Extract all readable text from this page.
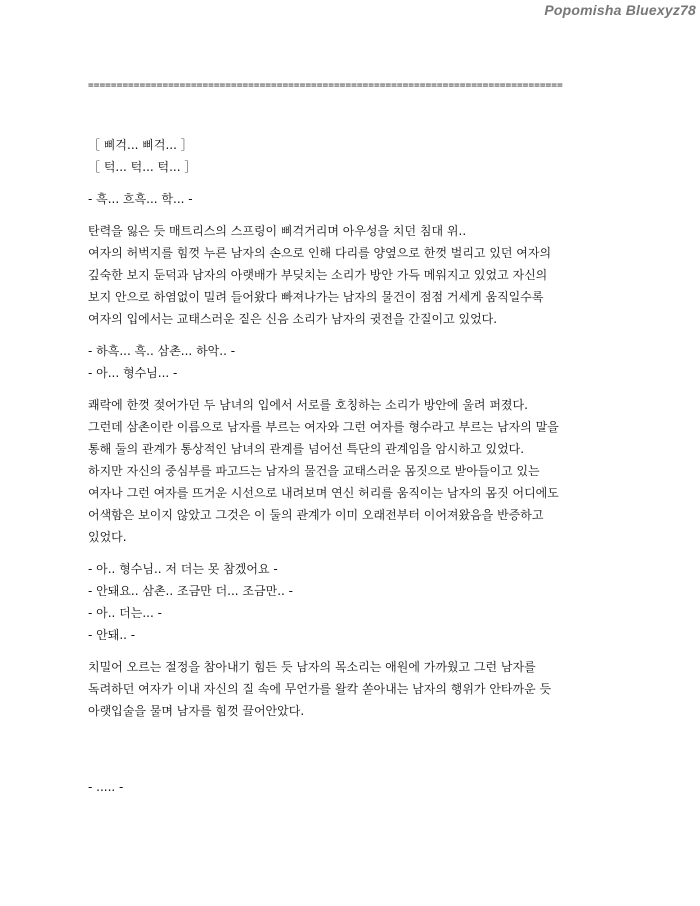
Popomisha Bluexyz78
===================================================================================
［ 삐걱... 삐걱... ］
［ 턱... 턱... 턱... ］
- 흑... 흐흑... 학... -
탄력을 잃은 듯 매트리스의 스프링이 삐걱거리며 아우성을 치던 침대 위..
여자의 허벅지를 힘껏 누른 남자의 손으로 인해 다리를 양옆으로 한껏 벌리고 있던 여자의
깊숙한 보지 둔덕과 남자의 아랫배가 부딪치는 소리가 방안 가득 메워지고 있었고 자신의
보지 안으로 하염없이 밀려 들어왔다 빠져나가는 남자의 물건이 점점 거세게 움직일수록
여자의 입에서는 교태스러운 짙은 신음 소리가 남자의 귓전을 간질이고 있었다.
- 하흑... 흑.. 삼촌... 하악.. -
- 아... 형수님... -
쾌락에 한껏 젖어가던 두 남녀의 입에서 서로를 호칭하는 소리가 방안에 울려 퍼졌다.
그런데 삼촌이란 이름으로 남자를 부르는 여자와 그런 여자를 형수라고 부르는 남자의 말을
통해 둘의 관계가 통상적인 남녀의 관계를 넘어선 특단의 관계임을 암시하고 있었다.
하지만 자신의 중심부를 파고드는 남자의 물건을 교태스러운 몸짓으로 받아들이고 있는
여자나 그런 여자를 뜨거운 시선으로 내려보며 연신 허리를 움직이는 남자의 몸짓 어디에도
어색함은 보이지 않았고 그것은 이 둘의 관계가 이미 오래전부터 이어져왔음을 반증하고
있었다.
- 아.. 형수님.. 저 더는 못 참겠어요 -
- 안돼요.. 삼촌.. 조금만 더... 조금만.. -
- 아.. 더는... -
- 안돼.. -
치밀어 오르는 절정을 참아내기 힘든 듯 남자의 목소리는 애원에 가까웠고 그런 남자를
독려하던 여자가 이내 자신의 질 속에 무언가를 왈칵 쏟아내는 남자의 행위가 안타까운 듯
아랫입술을 물며 남자를 힘껏 끌어안았다.
- ..... -
